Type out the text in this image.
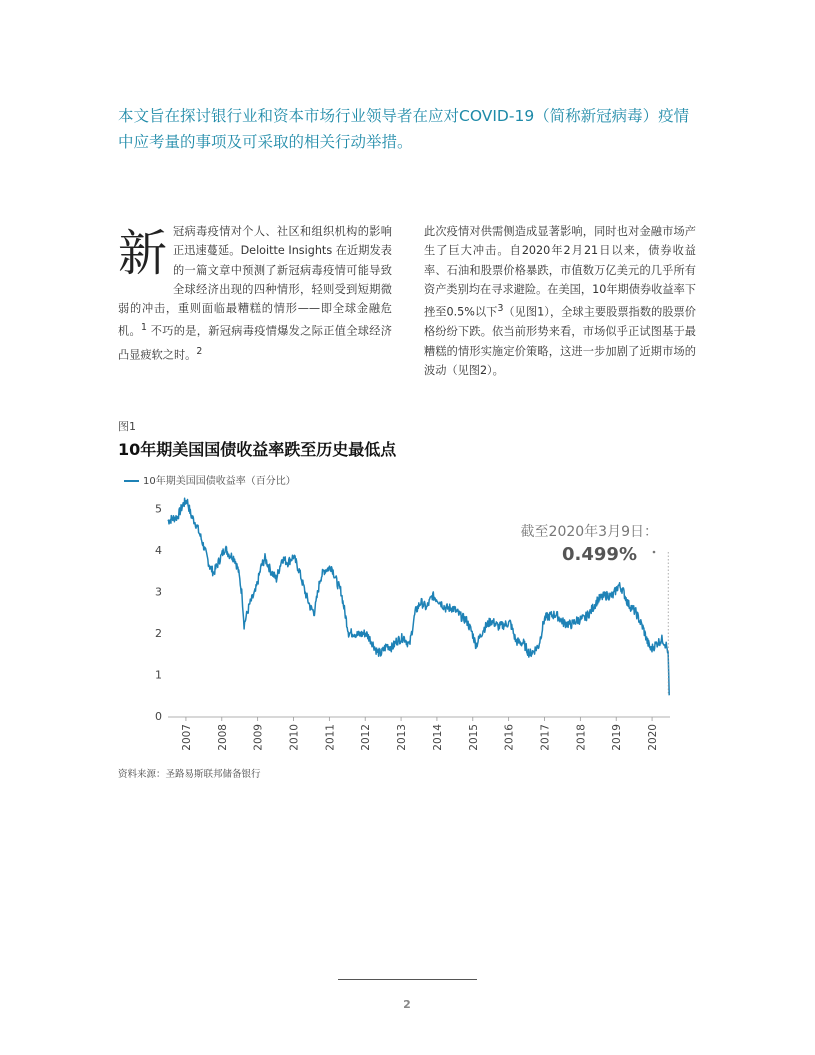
本文旨在探讨银行业和资本市场行业领导者在应对COVID-19（简称新冠病毒）疫情中应考量的事项及可采取的相关行动举措。

新 冠病毒疫情对个人、社区和组织机构的影响正迅速蔓延。Deloitte Insights 在近期发表的一篇文章中预测了新冠病毒疫情可能导致全球经济出现的四种情形，轻则受到短期微弱的冲击，重则面临最糟糕的情形——即全球金融危机。$^1$ 不巧的是，新冠病毒疫情爆发之际正值全球经济凸显疲软之时。$^2$

此次疫情对供需侧造成显著影响，同时也对金融市场产生了巨大冲击。自2020年2月21日以来，债券收益率、石油和股票价格暴跌，市值数万亿美元的几乎所有资产类别均在寻求避险。在美国，10年期债券收益率下挫至0.5%以下$^3$（见图1），全球主要股票指数的股票价格纷纷下跌。依当前形势来看，市场似乎正试图基于最糟糕的情形实施定价策略，这进一步加剧了近期市场的波动（见图2）。

图1
10年期美国国债收益率跌至历史最低点
10年期美国国债收益率（百分比）
0
1
2
3
4
5
2007 2008 2009 2010 2011 2012 2013 2014 2015 2016 2017 2018 2019 2020
截至2020年3月9日：
0.499%
资料来源：圣路易斯联邦储备银行
2
